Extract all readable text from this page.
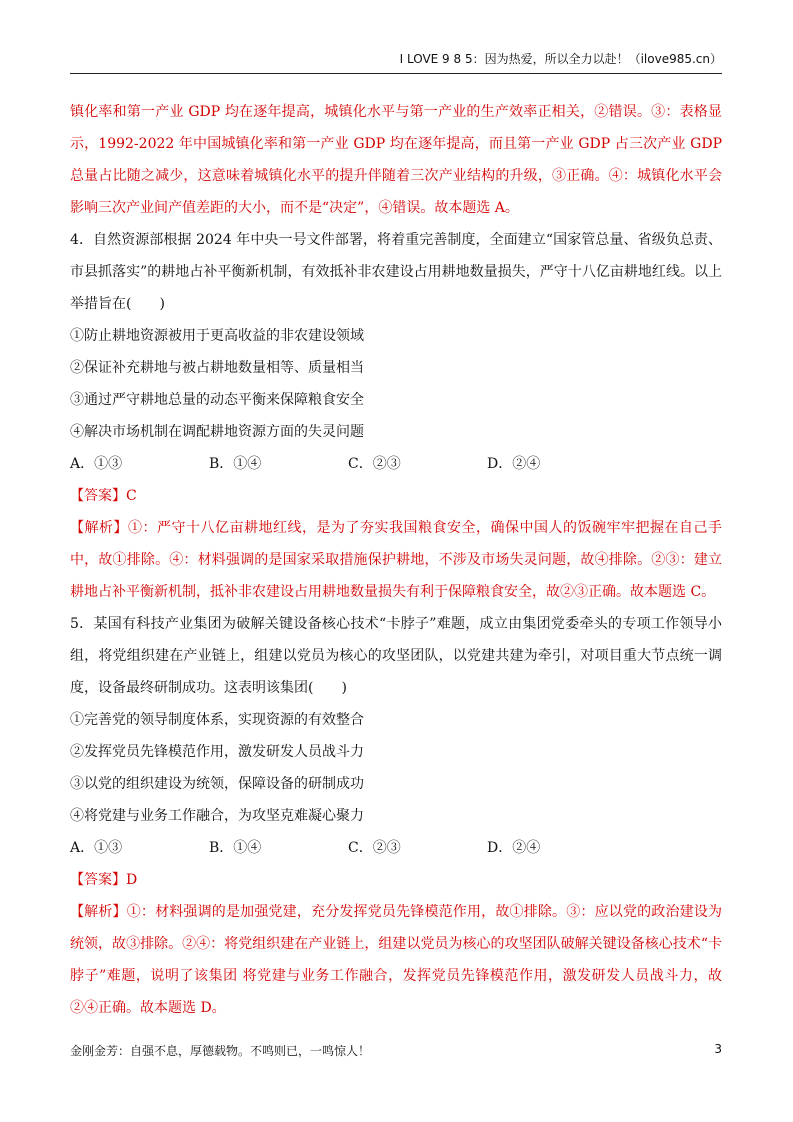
I LOVE 9 8 5：因为热爱，所以全力以赴！（ilove985.cn）

镇化率和第一产业 GDP 均在逐年提高，城镇化水平与第一产业的生产效率正相关，②错误。③：表格显示，1992-2022 年中国城镇化率和第一产业 GDP 均在逐年提高，而且第一产业 GDP 占三次产业 GDP 总量占比随之减少，这意味着城镇化水平的提升伴随着三次产业结构的升级，③正确。④：城镇化水平会影响三次产业间产值差距的大小，而不是“决定”，④错误。故本题选 A。

4．自然资源部根据 2024 年中央一号文件部署，将着重完善制度，全面建立“国家管总量、省级负总责、市县抓落实”的耕地占补平衡新机制，有效抵补非农建设占用耕地数量损失，严守十八亿亩耕地红线。以上举措旨在(　　)

①防止耕地资源被用于更高收益的非农建设领域

②保证补充耕地与被占耕地数量相等、质量相当

③通过严守耕地总量的动态平衡来保障粮食安全

④解决市场机制在调配耕地资源方面的失灵问题

A．①③	B．①④	C．②③	D．②④

【答案】C

【解析】①：严守十八亿亩耕地红线，是为了夯实我国粮食安全，确保中国人的饭碗牢牢把握在自己手中，故①排除。④：材料强调的是国家采取措施保护耕地，不涉及市场失灵问题，故④排除。②③：建立耕地占补平衡新机制，抵补非农建设占用耕地数量损失有利于保障粮食安全，故②③正确。故本题选 C。

5．某国有科技产业集团为破解关键设备核心技术“卡脖子”难题，成立由集团党委牵头的专项工作领导小组，将党组织建在产业链上，组建以党员为核心的攻坚团队，以党建共建为牵引，对项目重大节点统一调度，设备最终研制成功。这表明该集团(　　)

①完善党的领导制度体系，实现资源的有效整合

②发挥党员先锋模范作用，激发研发人员战斗力

③以党的组织建设为统领，保障设备的研制成功

④将党建与业务工作融合，为攻坚克难凝心聚力

A．①③	B．①④	C．②③	D．②④

【答案】D

【解析】①：材料强调的是加强党建，充分发挥党员先锋模范作用，故①排除。③：应以党的政治建设为统领，故③排除。②④：将党组织建在产业链上，组建以党员为核心的攻坚团队破解关键设备核心技术“卡脖子”难题，说明了该集团 将党建与业务工作融合，发挥党员先锋模范作用，激发研发人员战斗力，故②④正确。故本题选 D。

金刚金芳：自强不息，厚德载物。不鸣则已，一鸣惊人！	3
